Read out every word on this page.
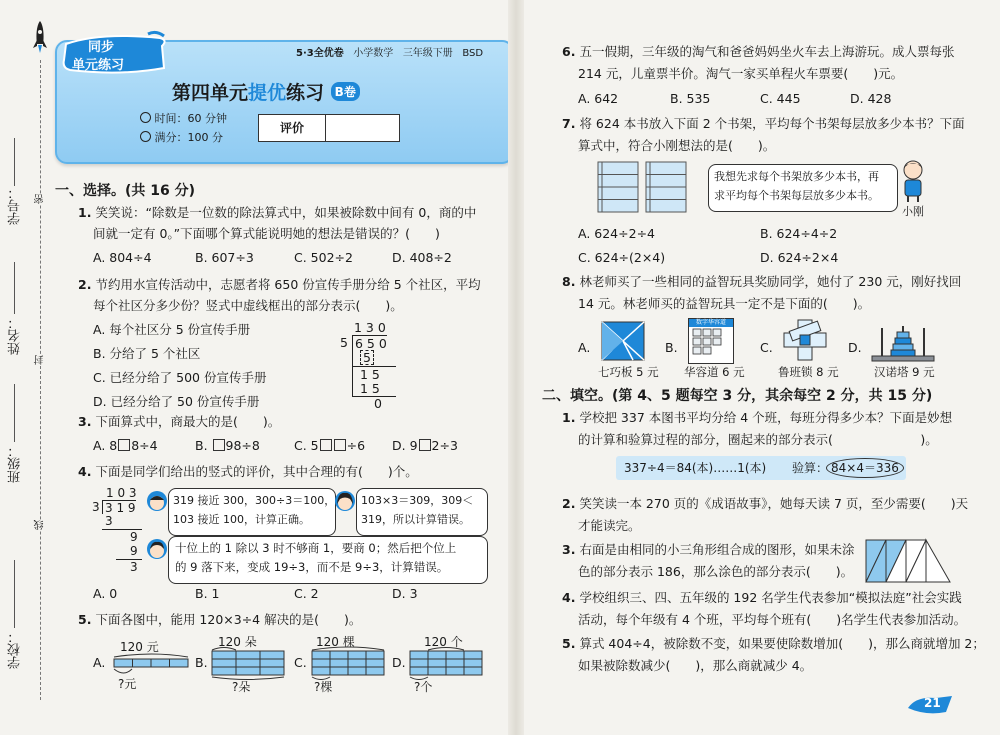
学号： 密
姓名：
封
班级：
线
学校：
同步
单元练习
5·3全优卷 小学数学 三年级下册 BSD
第四单元提优练习 B卷
时间：60 分钟
满分：100 分
评价
一、选择。(共 16 分)
1. 笑笑说：“除数是一位数的除法算式中，如果被除数中间有 0，商的中
间就一定有 0。”下面哪个算式能说明她的想法是错误的？(　　)
A. 804÷4	B. 607÷3	C. 502÷2	D. 408÷2
2. 节约用水宣传活动中，志愿者将 650 份宣传手册分给 5 个社区，平均
每个社区分多少份？竖式中虚线框出的部分表示(　　)。
A. 每个社区分 5 份宣传手册
B. 分给了 5 个社区
C. 已经分给了 500 份宣传手册
D. 已经分给了 50 份宣传手册
1 3 0
5 6 5 0
5
1 5
1 5
0
3. 下面算式中，商最大的是(　　)。
A. 8 8÷4	B. 98÷8	C. 5 ÷6 D. 9 2÷3
4. 下面是同学们给出的竖式的评价，其中合理的有(　　)个。
1 0 3
3 3 1 9
3
9
9
3
319 接近 300，300÷3＝100，
103 接近 100，计算正确。
103×3＝309，309＜
319，所以计算错误。
十位上的 1 除以 3 时不够商 1，要商 0；然后把个位上
的 9 落下来，变成 19÷3，而不是 9÷3，计算错误。
A. 0	B. 1	C. 2	D. 3
5. 下面各图中，能用 120×3÷4 解决的是(　　)。
A.
120 元
?元
B.
120 朵
?朵
C.
120 棵
?棵
D.
120 个
?个
6. 五一假期，三年级的淘气和爸爸妈妈坐火车去上海游玩。成人票每张
214 元，儿童票半价。淘气一家买单程火车票要(　　)元。
A. 642	B. 535	C. 445	D. 428
7. 将 624 本书放入下面 2 个书架，平均每个书架每层放多少本书？下面
算式中，符合小刚想法的是(　　)。
我想先求每个书架放多少本书，再
求平均每个书架每层放多少本书。
小刚
A. 624÷2÷4	B. 624÷4÷2
C. 624÷(2×4)	D. 624÷2×4
8. 林老师买了一些相同的益智玩具奖励同学，她付了 230 元，刚好找回
14 元。林老师买的益智玩具一定不是下面的(　　)。
A.
七巧板 5 元
B.
数字华容道
华容道 6 元
C.
鲁班锁 8 元
D.
汉诺塔 9 元
二、填空。(第 4、5 题每空 3 分，其余每空 2 分，共 15 分)
1. 学校把 337 本图书平均分给 4 个班，每班分得多少本？下面是妙想
的计算和验算过程的部分，圈起来的部分表示(　　　　　　　)。
337÷4＝84(本)……1(本) 验算： 84×4＝336
2. 笑笑读一本 270 页的《成语故事》，她每天读 7 页，至少需要(　　)天
才能读完。
3. 右面是由相同的小三角形组合成的图形，如果未涂
色的部分表示 186，那么涂色的部分表示(　　)。
4. 学校组织三、四、五年级的 192 名学生代表参加“模拟法庭”社会实践
活动，每个年级有 4 个班，平均每个班有(　　)名学生代表参加活动。
5. 算式 404÷4，被除数不变，如果要使除数增加(　　)，那么商就增加 2；
如果被除数减少(　　)，那么商就减少 4。
21
